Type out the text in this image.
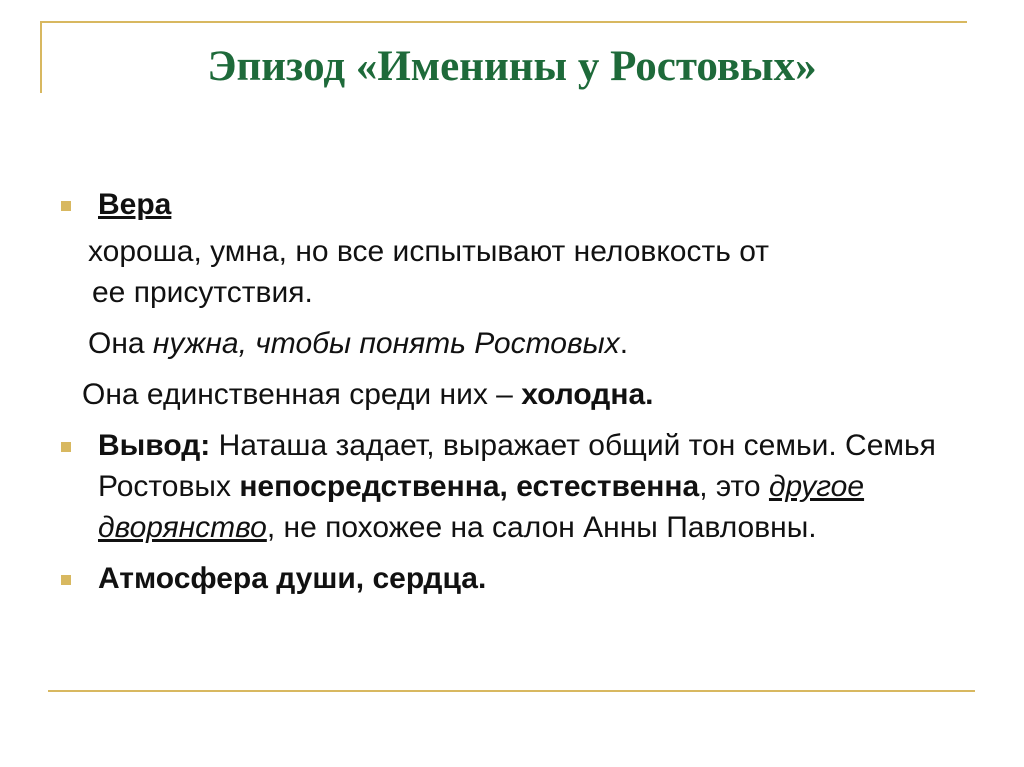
Эпизод «Именины у Ростовых»
Вера
хороша, умна, но все испытывают неловкость от
ее присутствия.
Она нужна, чтобы понять Ростовых.
Она единственная среди них – холодна.
Вывод: Наташа задает, выражает общий тон семьи. Семья Ростовых непосредственна, естественна, это другое дворянство, не похожее на салон Анны Павловны.
Атмосфера души, сердца.
